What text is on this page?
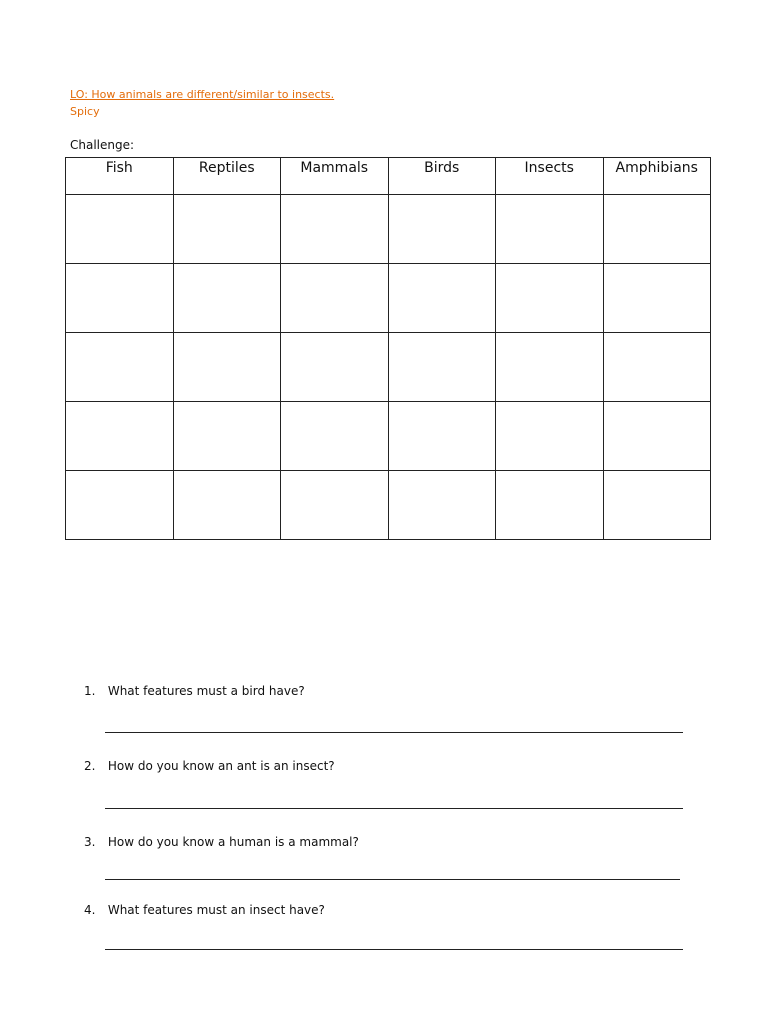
LO: How animals are different/similar to insects.
Spicy
Challenge:
Fish	Reptiles	Mammals	Birds	Insects	Amphibians

1. What features must a bird have?
2. How do you know an ant is an insect?
3. How do you know a human is a mammal?
4. What features must an insect have?
